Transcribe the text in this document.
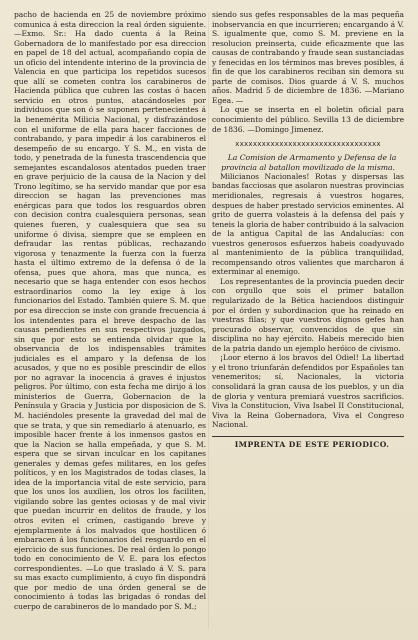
pacho de hacienda en 25 de noviembre próximo comunica á esta direccion la real órden siguiente. —Exmo. Sr.: Ha dado cuenta á la Reina Gobernadora de lo manifestado por esa direccion en papel de 18 del actual, acompañando copia de un oficio del intendente interino de la provincia de Valencia en que participa los repetidos sucesos que allí se cometen contra los carabineros de Hacienda pública que cubren las costas ó hacen servicio en otros puntos, atacándoseles por individuos que son ó se suponen pertenecientes á la benemérita Milicia Nacional, y disfrazándose con el uniforme de ella para hacer facciones de contrabando, y para impedir á los carabineros el desempeño de su encargo. Y S. M., en vista de todo, y penetrada de la funesta trascendencia que semejantes escandalosos atentados pueden traer en grave perjuicio de la causa de la Nacion y del Trono legítimo, se ha servido mandar que por esa direccion se hagan las prevenciones mas enérgicas para que todos los resguardos obren con decision contra cualesquiera personas, sean quienes fueren, y cualesquiera que sea su uniforme ó divisa, siempre que se empleen en defraudar las rentas públicas, rechazando vigorosa y tenazmente la fuerza con la fuerza hasta el último extremo de la defensa ó de la ofensa, pues que ahora, mas que nunca, es necesario que se haga entender con esos hechos estraordinarios como la ley exige à los funcionarios del Estado. También quiere S. M. que por esa direccion se inste con grande frecuencia á los intendentes para el breve despacho de las causas pendientes en sus respectivos juzgados, sin que por esto se entienda olvidar que la observancia de los indispensables trámites judiciales es el amparo y la defensa de los acusados, y que no es posible prescindir de ellos por no agravar la inocencia á graves é injustos peligros. Por último, con esta fecha me dirijo á los ministerios de Guerra, Gobernacion de la Península y Gracia y Justicia por disposicion de S. M. haciéndoles presente la gravedad del mal de que se trata, y que sin remediarlo á atenuarlo, es imposible hacer frente á los inmensos gastos en que la Nacion se halla empeñada, y que S. M. espera que se sirvan inculcar en los capitanes generales y demas gefes militares, en los gefes políticos, y en los Magistrados de todas clases, la idea de la importancia vital de este servicio, para que los unos los auxilien, los otros los faciliten, vigilando sobre las gentes ociosas y de mal vivir que puedan incurrir en delitos de fraude, y los otros eviten el crímen, castigando breve y ejemplarmente á los malvados que hostilicen ó embaracen á los funcionarios del resguardo en el ejercicio de sus funciones. De real órden lo pongo todo en conocimiento de V. E. para los efectos correspondientes. —Lo que traslado á V. S. para su mas exacto cumplimiento, á cuyo fin dispondrá que por medio de una órden general se de conocimiento á todas las brigadas ó rondas del cuerpo de carabineros de lo mandado por S. M.;

siendo sus gefes responsables de la mas pequeña inobservancia en que incurrieren; encargando á V. S. igualmente que, como S. M. previene en la resolucion preinserta, cuide eficazmente que las causas de contrabando y fraude sean sustanciadas y fenecidas en los términos mas breves posibles, á fin de que los carabineros reciban sin demora su parte de comisos. Dios guarde á V. S. muchos años. Madrid 5 de diciembre de 1836. —Mariano Egea. —

Lo que se inserta en el boletin oficial para conocimiento del público. Sevilla 13 de diciembre de 1836. —Domingo Jimenez.

xxxxxxxxxxxxxxxxxxxxxxxxxxxxxxxxx

La Comision de Armamento y Defensa de la provincia al batallon movilizado de la misma.

Milicianos Nacionales! Rotas y dispersas las bandas facciosas que asolaron nuestras provincias meridionales, regresais á vuestros hogares, despues de haber prestado servicios eminentes. Al grito de guerra volasteis á la defensa del país y teneis la gloria de haber contribuido á la salvacion de la antigua Capital de las Andalucías: con vuestros generosos esfuerzos habeis coadyuvado al mantenimiento de la pública tranquilidad, recompensando otros valientes que marcharon á exterminar al enemigo.

Los representantes de la provincia pueden decir con orgullo que sois el primer batallon regularizado de la Bética haciendoos distinguir por el órden y subordinacion que ha reinado en vuestras filas; y que vuestros dignos gefes han procurado observar, convencidos de que sin disciplina no hay ejército. Habeis merecido bien de la patria dando un ejemplo heróico de civismo.

¡Loor eterno á los bravos del Odiel! La libertad y el trono triunfarán defendidos por Españoles tan venemeritos; sí, Nacionales, la victoria consolidará la gran causa de los pueblos, y un dia de gloria y ventura premiará vuestros sacrificios. Viva la Constitucion, Viva Isabel II Constitucional, Viva la Reina Gobernadora, Viva el Congreso Nacional.

IMPRENTA DE ESTE PERIODICO.
